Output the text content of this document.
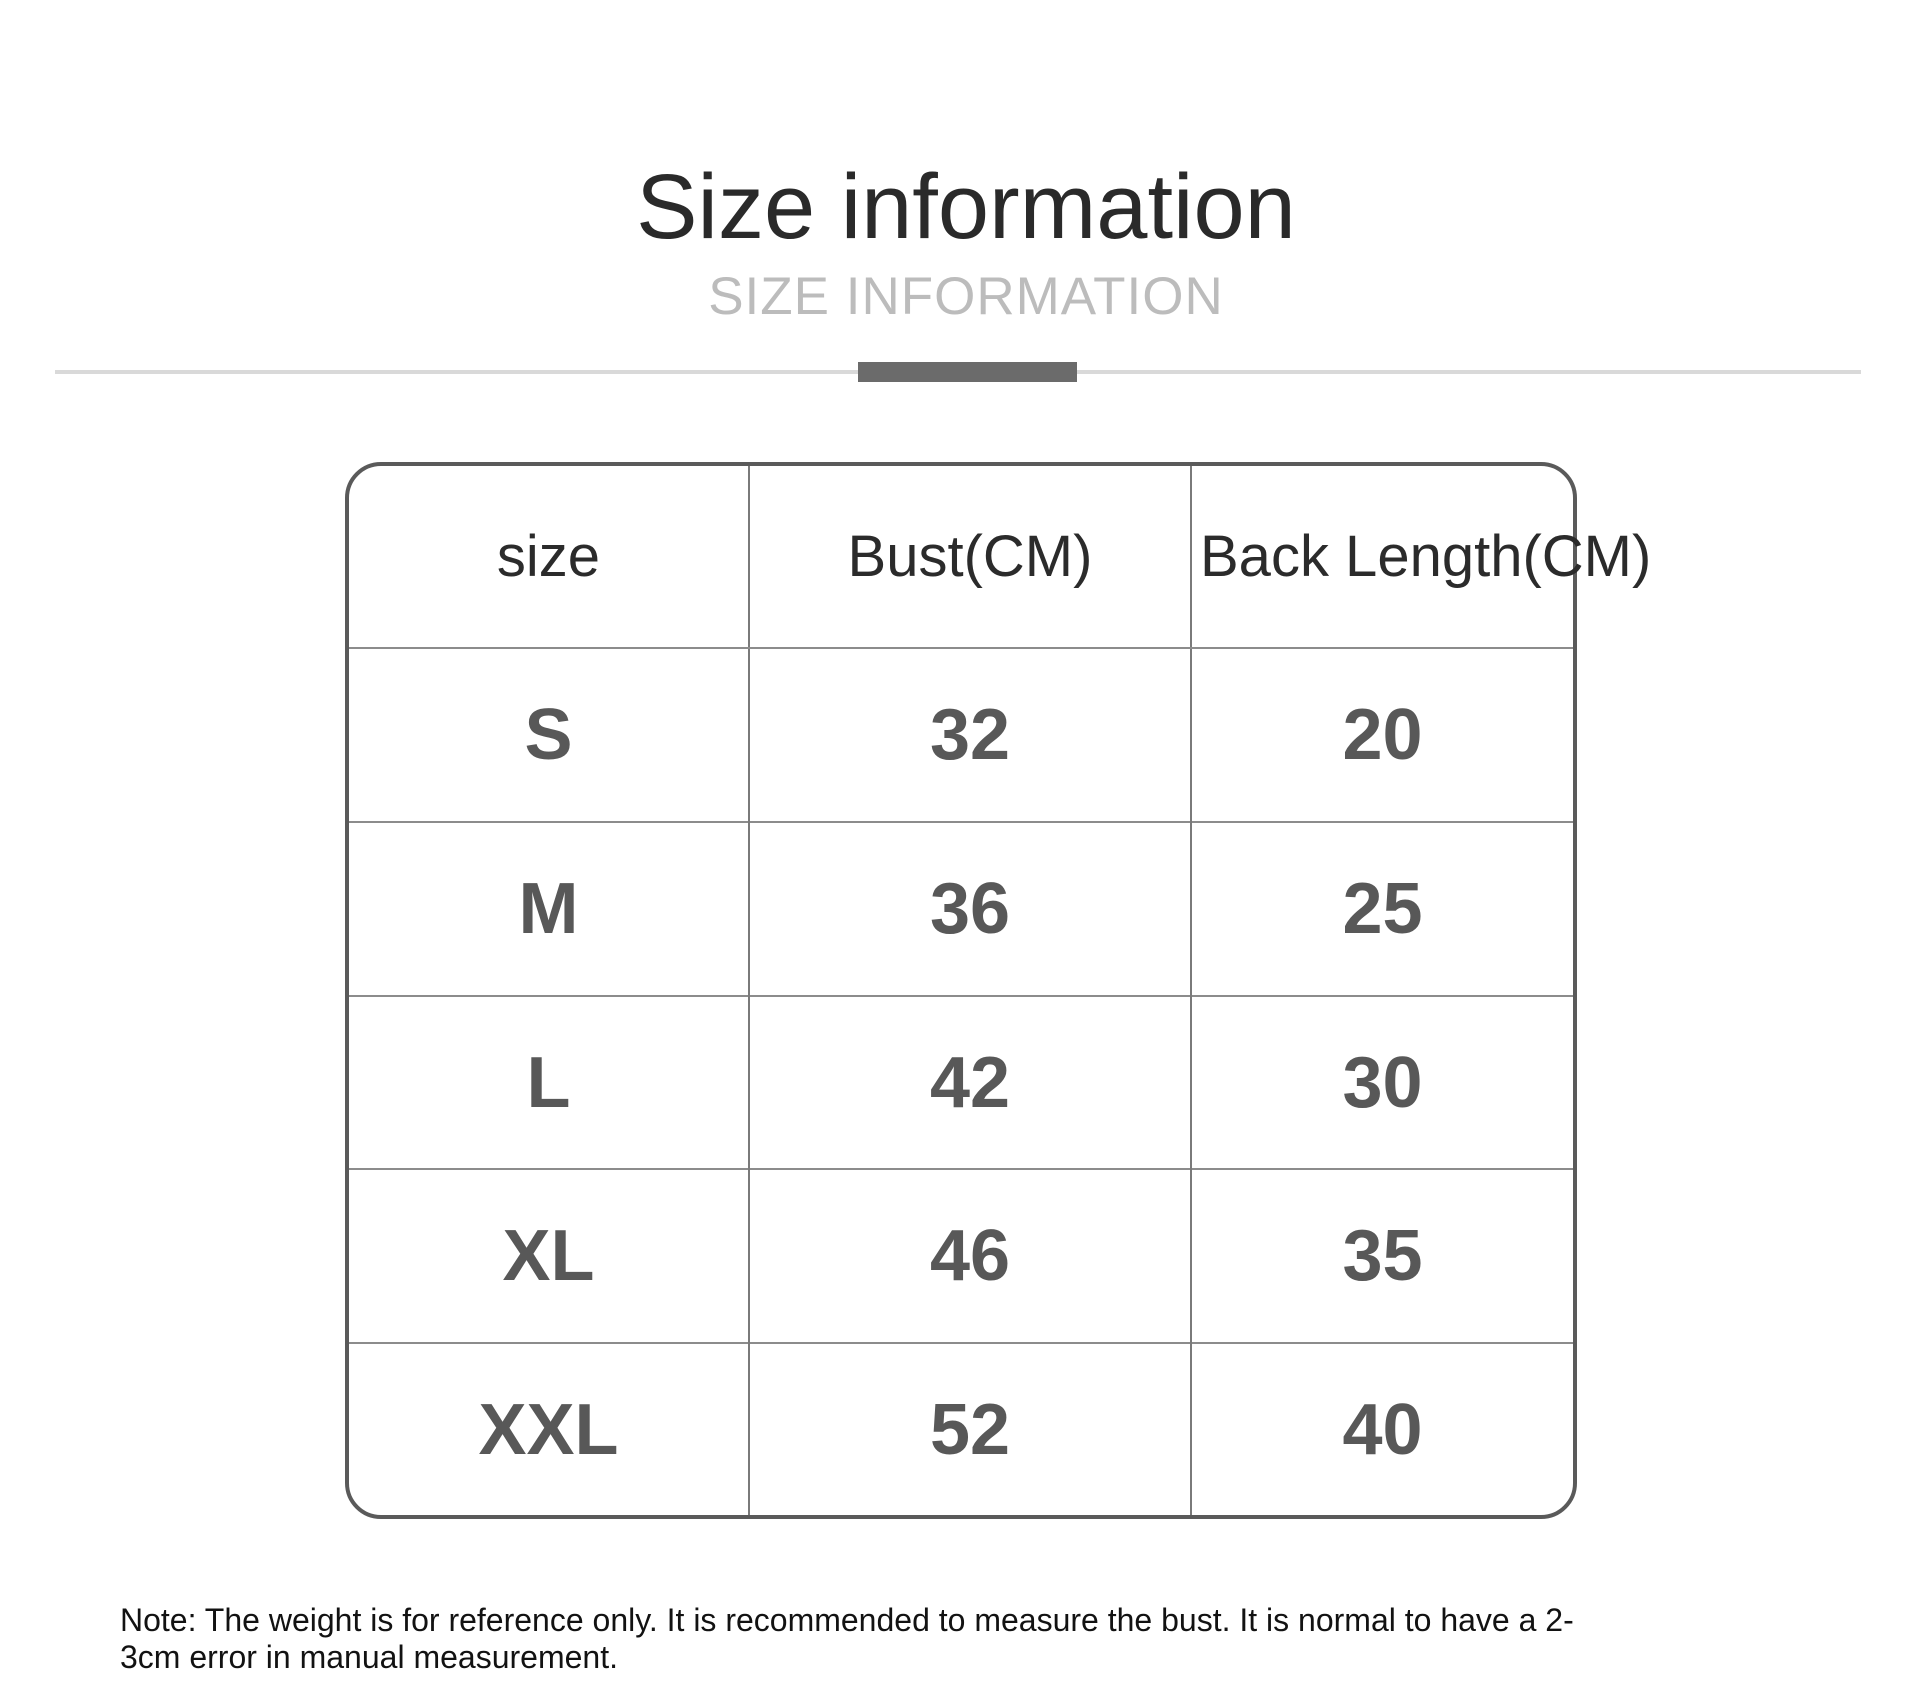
Size information
SIZE INFORMATION
size	Bust(CM)	Back Length(CM)
S	32	20
M	36	25
L	42	30
XL	46	35
XXL	52	40
Note: The weight is for reference only. It is recommended to measure the bust. It is normal to have a 2-
3cm error in manual measurement.
